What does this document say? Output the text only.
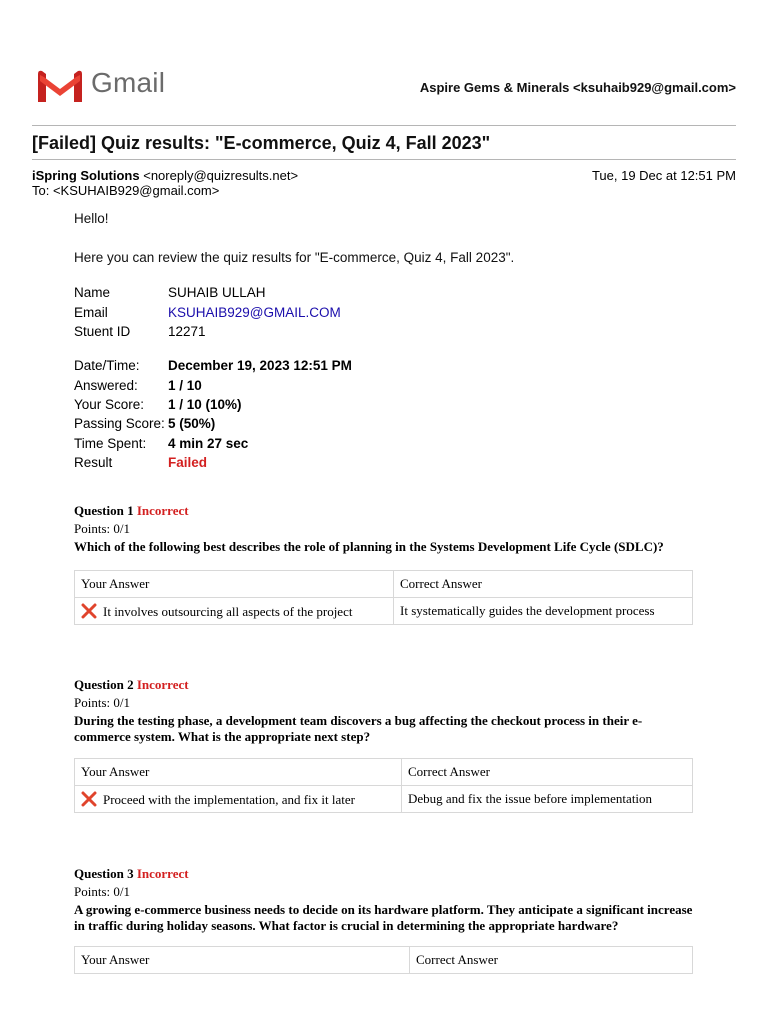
Gmail	Aspire Gems & Minerals <ksuhaib929@gmail.com>
[Failed] Quiz results: "E-commerce, Quiz 4, Fall 2023"
iSpring Solutions <noreply@quizresults.net>
To: <KSUHAIB929@gmail.com>
Tue, 19 Dec at 12:51 PM
Hello!
Here you can review the quiz results for "E-commerce, Quiz 4, Fall 2023".
Name	SUHAIB ULLAH
Email	KSUHAIB929@GMAIL.COM
Stuent ID	12271
Date/Time: December 19, 2023 12:51 PM
Answered: 1 / 10
Your Score: 1 / 10 (10%)
Passing Score: 5 (50%)
Time Spent: 4 min 27 sec
Result	Failed
Question 1 Incorrect
Points: 0/1
Which of the following best describes the role of planning in the Systems Development Life Cycle (SDLC)?
Your Answer	Correct Answer
It involves outsourcing all aspects of the project	It systematically guides the development process
Question 2 Incorrect
Points: 0/1
During the testing phase, a development team discovers a bug affecting the checkout process in their e-commerce system. What is the appropriate next step?
Your Answer	Correct Answer
Proceed with the implementation, and fix it later	Debug and fix the issue before implementation
Question 3 Incorrect
Points: 0/1
A growing e-commerce business needs to decide on its hardware platform. They anticipate a significant increase in traffic during holiday seasons. What factor is crucial in determining the appropriate hardware?
Your Answer	Correct Answer
